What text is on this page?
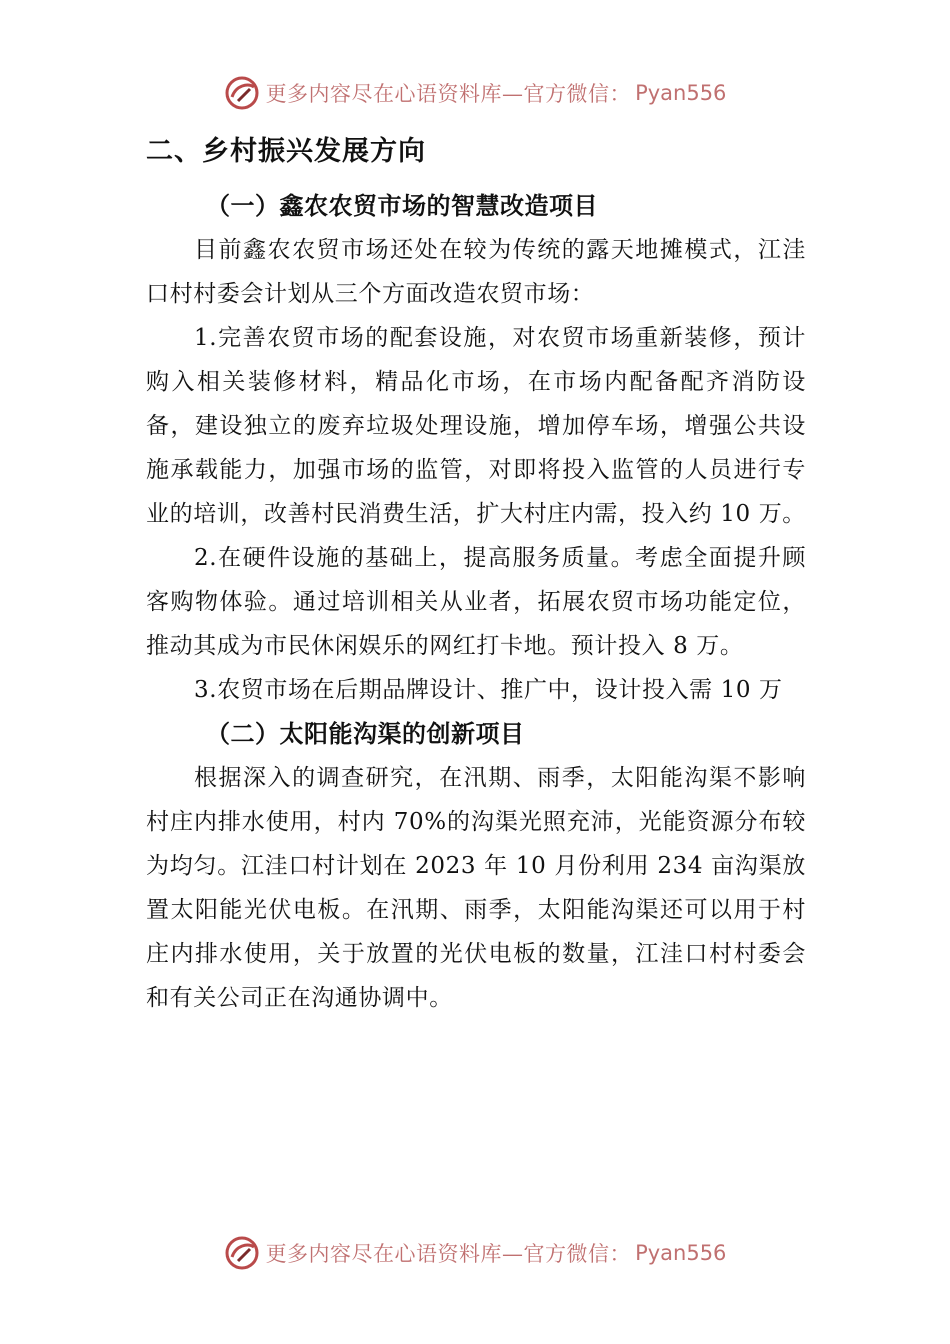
更多内容尽在心语资料库—官方微信： Pyan556
二、乡村振兴发展方向
（一）鑫农农贸市场的智慧改造项目

目前鑫农农贸市场还处在较为传统的露天地摊模式，江洼口村村委会计划从三个方面改造农贸市场：

1.完善农贸市场的配套设施，对农贸市场重新装修，预计购入相关装修材料，精品化市场，在市场内配备配齐消防设备，建设独立的废弃垃圾处理设施，增加停车场，增强公共设施承载能力，加强市场的监管，对即将投入监管的人员进行专业的培训，改善村民消费生活，扩大村庄内需，投入约 10 万。

2.在硬件设施的基础上，提高服务质量。考虑全面提升顾客购物体验。通过培训相关从业者，拓展农贸市场功能定位，推动其成为市民休闲娱乐的网红打卡地。预计投入 8 万。

3.农贸市场在后期品牌设计、推广中，设计投入需 10 万

（二）太阳能沟渠的创新项目

根据深入的调查研究，在汛期、雨季，太阳能沟渠不影响村庄内排水使用，村内 70%的沟渠光照充沛，光能资源分布较为均匀。江洼口村计划在 2023 年 10 月份利用 234 亩沟渠放置太阳能光伏电板。在汛期、雨季，太阳能沟渠还可以用于村庄内排水使用，关于放置的光伏电板的数量，江洼口村村委会和有关公司正在沟通协调中。

更多内容尽在心语资料库—官方微信： Pyan556
